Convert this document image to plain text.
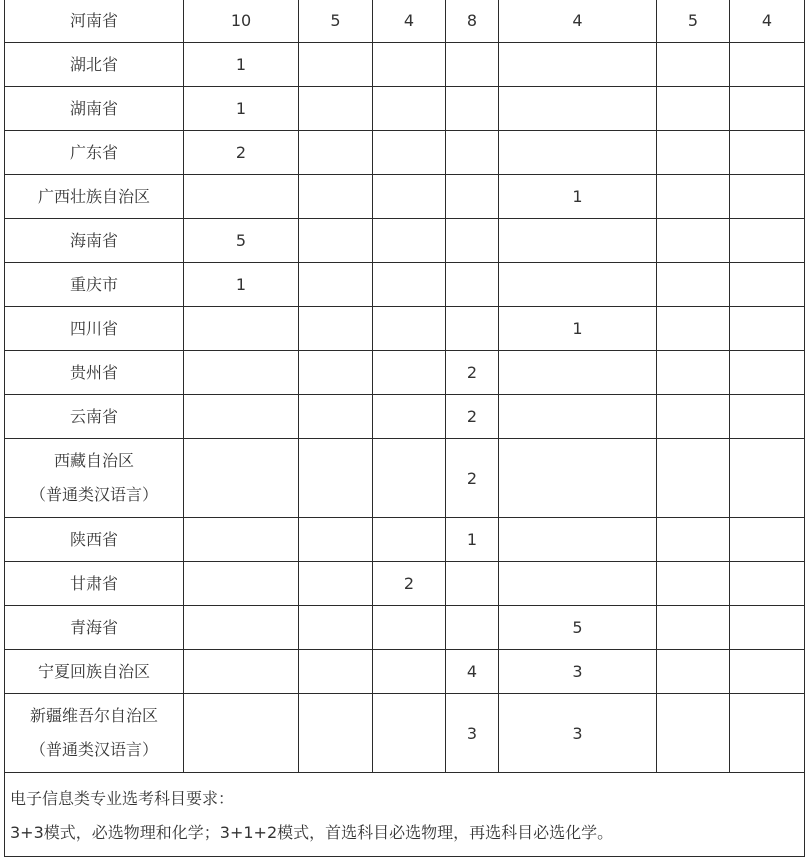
河南省	10	5	4	8	4	5	4

湖北省	1						

湖南省	1						

广东省	2						

广西壮族自治区					1		

海南省	5						

重庆市	1						

四川省					1		

贵州省				2			

云南省				2			

西藏自治区
（普通类汉语言）				2			

陕西省				1			

甘肃省			2				

青海省					5		

宁夏回族自治区				4	3		

新疆维吾尔自治区
（普通类汉语言）				3	3		

电子信息类专业选考科目要求：
3+3模式，必选物理和化学；3+1+2模式，首选科目必选物理，再选科目必选化学。							
